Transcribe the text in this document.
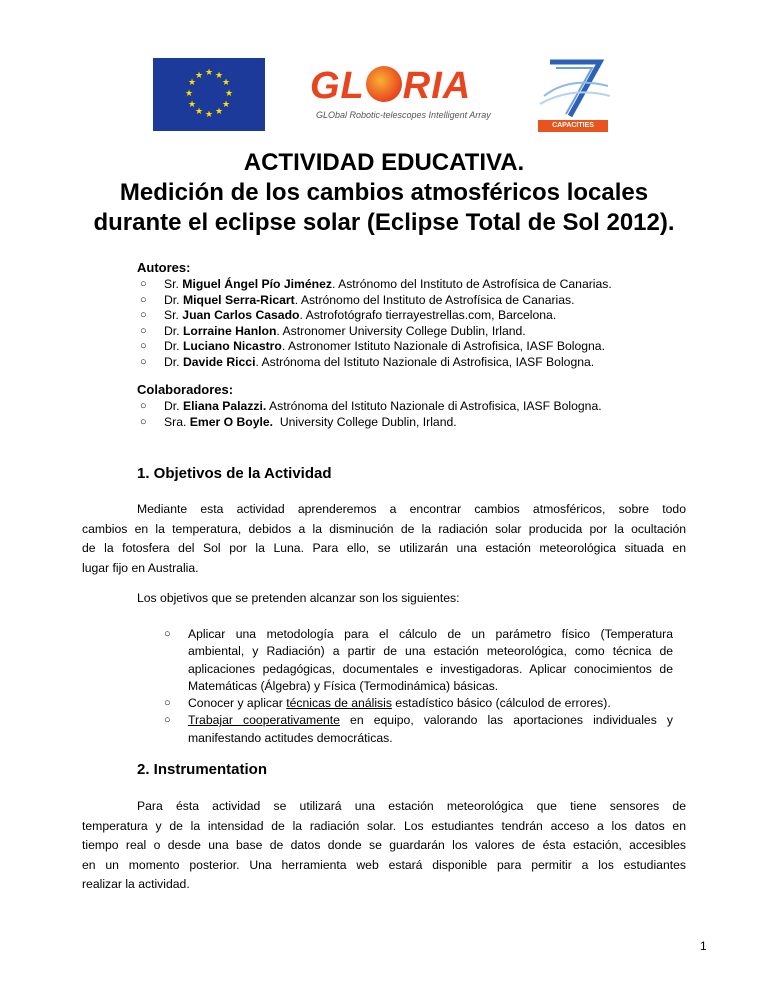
★ ★
★
★
★
★
★
★
★
★
★
★	GL RIA
GLObal Robotic-telescopes Intelligent Array
CAPACITIES
ACTIVIDAD EDUCATIVA.
Medición de los cambios atmosféricos locales
durante el eclipse solar (Eclipse Total de Sol 2012).
Autores:
○ Sr. Miguel Ángel Pío Jiménez. Astrónomo del Instituto de Astrofísica de Canarias.
○ Dr. Miquel Serra-Ricart. Astrónomo del Instituto de Astrofísica de Canarias.
○ Sr. Juan Carlos Casado. Astrofotógrafo tierrayestrellas.com, Barcelona.
○ Dr. Lorraine Hanlon. Astronomer University College Dublin, Irland.
○ Dr. Luciano Nicastro. Astronomer Istituto Nazionale di Astrofisica, IASF Bologna.
○ Dr. Davide Ricci. Astrónoma del Istituto Nazionale di Astrofisica, IASF Bologna.
Colaboradores:
○ Dr. Eliana Palazzi. Astrónoma del Istituto Nazionale di Astrofisica, IASF Bologna.
○ Sra. Emer O Boyle.  University College Dublin, Irland.
1. Objetivos de la Actividad
Mediante esta actividad aprenderemos a encontrar cambios atmosféricos, sobre todo
cambios en la temperatura, debidos a la disminución de la radiación solar producida por la ocultación
de la fotosfera del Sol por la Luna. Para ello, se utilizarán una estación meteorológica situada en
lugar fijo en Australia.
Los objetivos que se pretenden alcanzar son los siguientes:
○ Aplicar una metodología para el cálculo de un parámetro físico (Temperatura
ambiental, y Radiación) a partir de una estación meteorológica, como técnica de
aplicaciones pedagógicas, documentales e investigadoras. Aplicar conocimientos de
Matemáticas (Álgebra) y Física (Termodinámica) básicas.
○ Conocer y aplicar técnicas de análisis estadístico básico (cálculod de errores).
○ Trabajar cooperativamente en equipo, valorando las aportaciones individuales y
manifestando actitudes democráticas.
2. Instrumentation
Para ésta actividad se utilizará una estación meteorológica que tiene sensores de
temperatura y de la intensidad de la radiación solar. Los estudiantes tendrán acceso a los datos en
tiempo real o desde una base de datos donde se guardarán los valores de ésta estación, accesibles
en un momento posterior. Una herramienta web estará disponible para permitir a los estudiantes
realizar la actividad.
1
